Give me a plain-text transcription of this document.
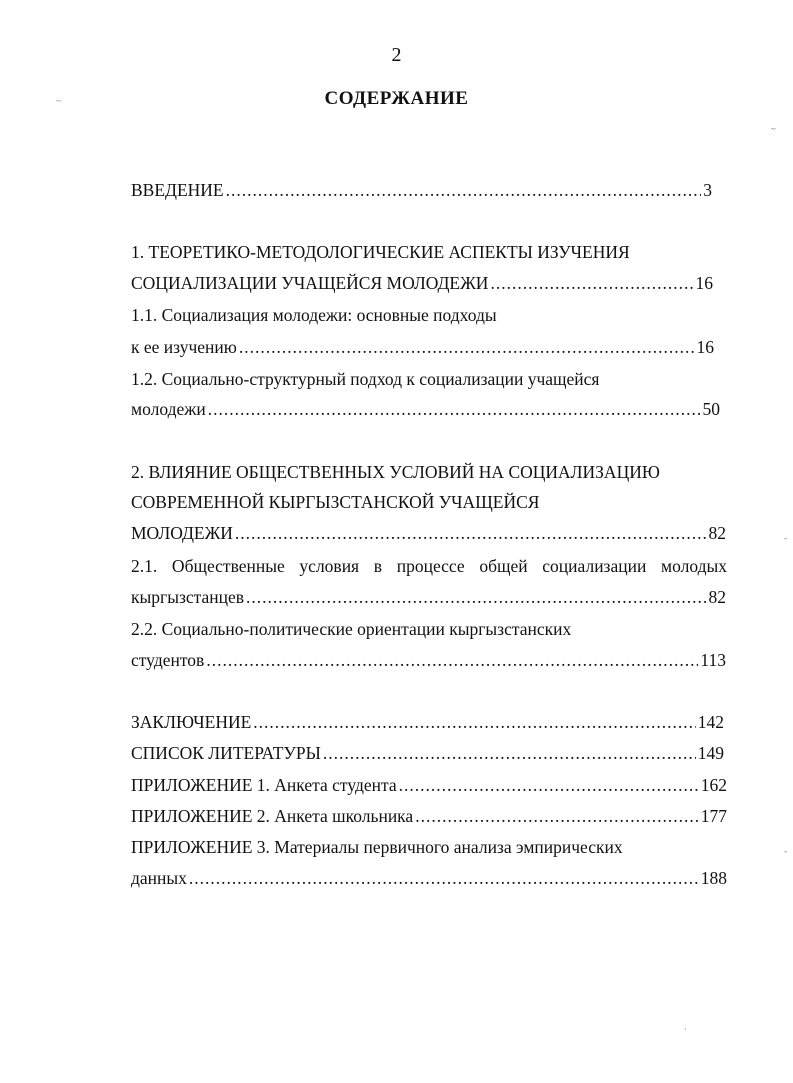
2
СОДЕРЖАНИЕ
ВВЕДЕНИЕ .....	3
1. ТЕОРЕТИКО-МЕТОДОЛОГИЧЕСКИЕ АСПЕКТЫ ИЗУЧЕНИЯ
СОЦИАЛИЗАЦИИ УЧАЩЕЙСЯ МОЛОДЕЖИ .....	16
1.1. Социализация молодежи: основные подходы
к ее изучению .....	16
1.2. Социально-структурный подход к социализации учащейся
молодежи .....	50
2. ВЛИЯНИЕ ОБЩЕСТВЕННЫХ УСЛОВИЙ НА СОЦИАЛИЗАЦИЮ
СОВРЕМЕННОЙ КЫРГЫЗСТАНСКОЙ УЧАЩЕЙСЯ
МОЛОДЕЖИ .....	82
2.1. Общественные условия в процессе общей социализации молодых
кыргызстанцев .....	82
2.2. Социально-политические ориентации кыргызстанских
студентов .....	113
ЗАКЛЮЧЕНИЕ .....	142
СПИСОК ЛИТЕРАТУРЫ .....	149
ПРИЛОЖЕНИЕ 1. Анкета студента .....	162
ПРИЛОЖЕНИЕ 2. Анкета школьника .....	177
ПРИЛОЖЕНИЕ 3. Материалы первичного анализа эмпирических
данных .....	188
~
~
-
-
·
